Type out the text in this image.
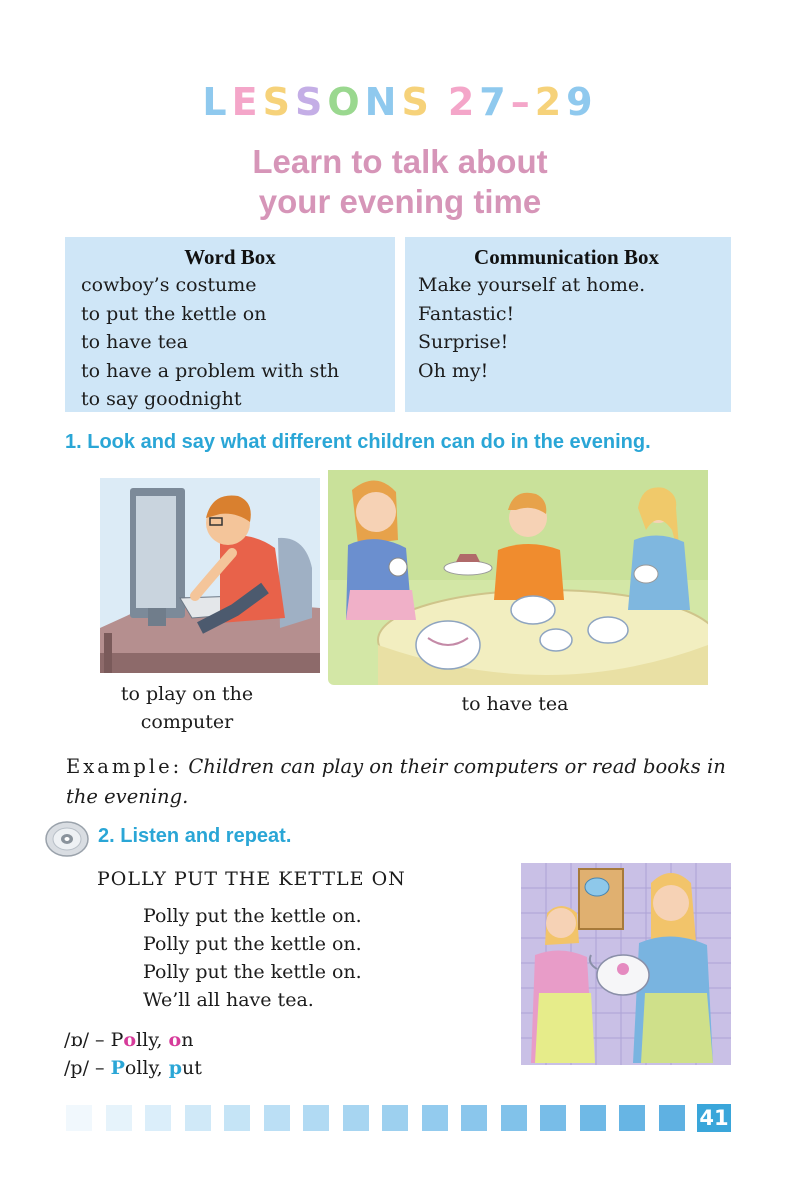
LESSONS 27–29
Learn to talk about
your evening time
Word Box
cowboy’s costume
to put the kettle on
to have tea
to have a problem with sth
to say goodnight
Communication Box
Make yourself at home.
Fantastic!
Surprise!
Oh my!
1. Look and say what different children can do in the evening.
to play on the
computer
to have tea
Example: Children can play on their computers or read books in the evening.
2. Listen and repeat.
POLLY PUT THE KETTLE ON
Polly put the kettle on.
Polly put the kettle on.
Polly put the kettle on.
We’ll all have tea.
/ɒ/ – Polly, on
/p/ – Polly, put
41
